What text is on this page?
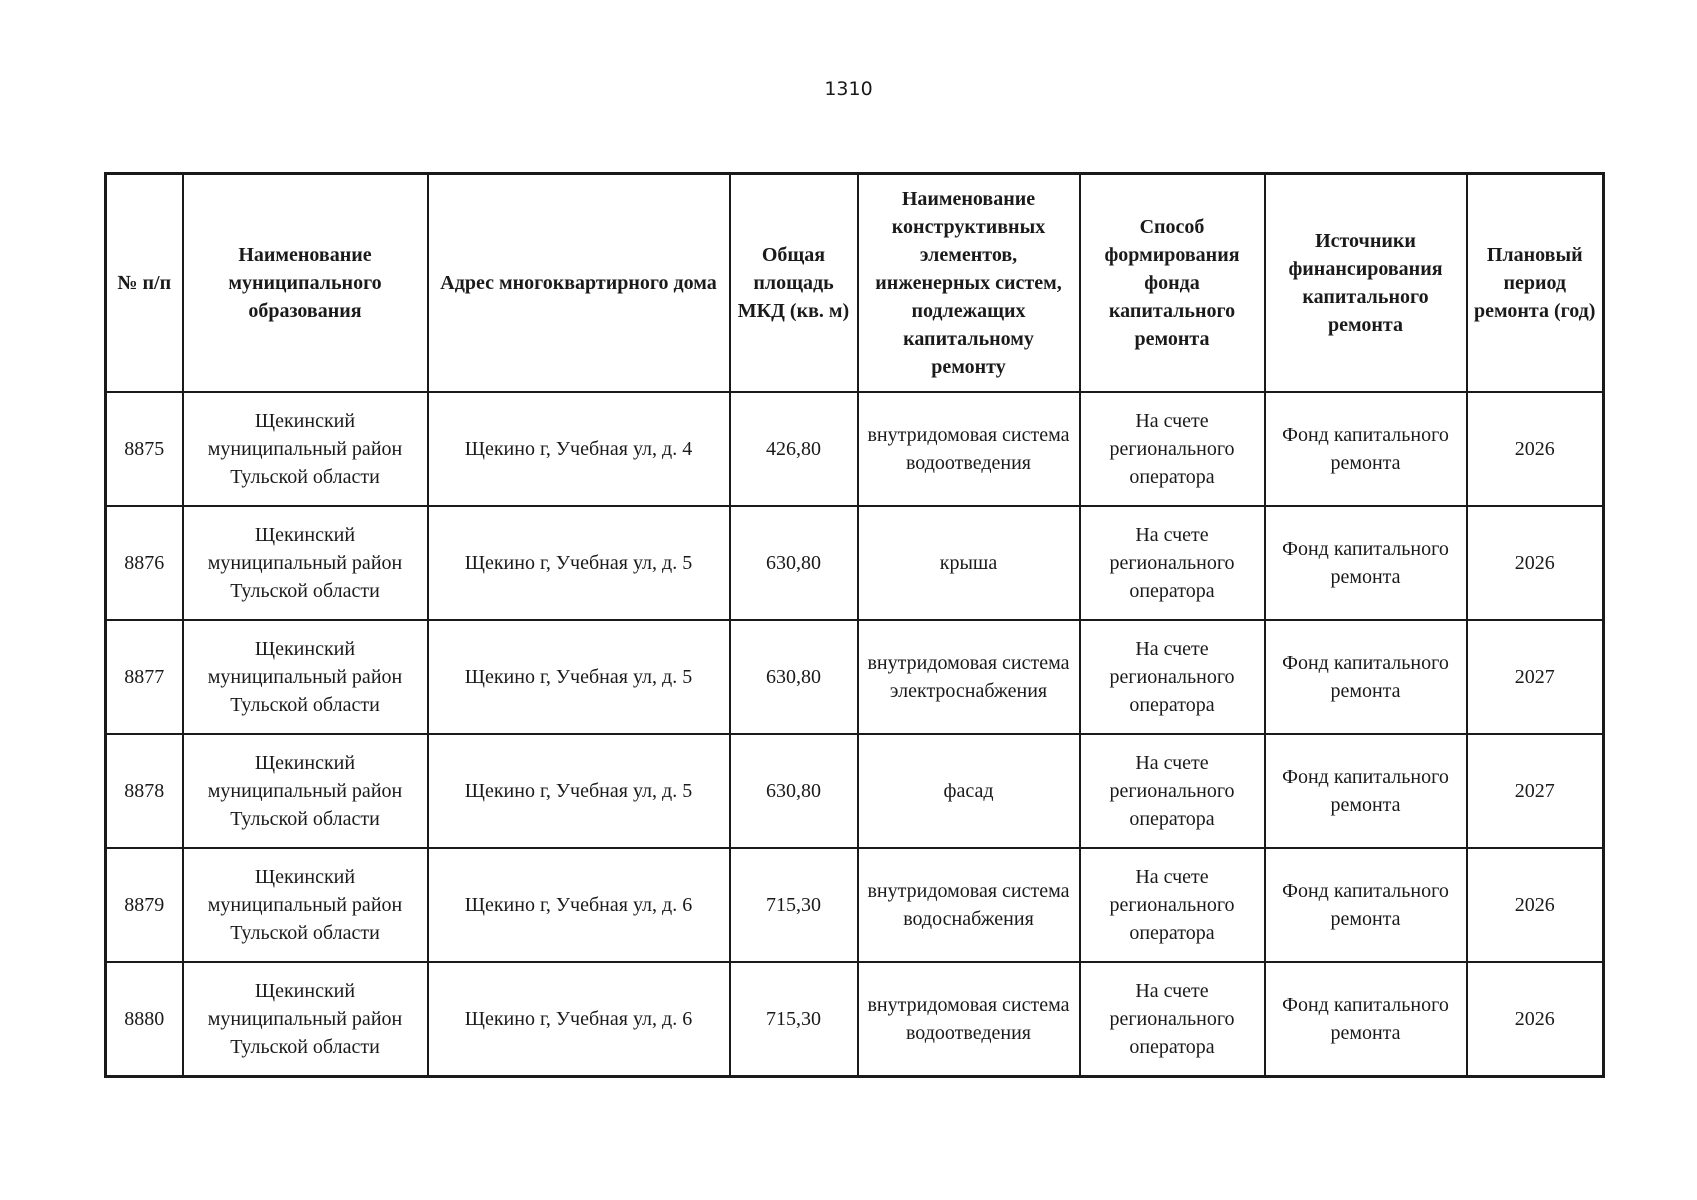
1310
№ п/п	Наименование муниципального образования	Адрес многоквартирного дома	Общая площадь МКД (кв. м)	Наименование конструктивных элементов, инженерных систем, подлежащих капитальному ремонту	Способ формирования фонда капитального ремонта	Источники финансирования капитального ремонта	Плановый период ремонта (год)
8875	Щекинский муниципальный район Тульской области	Щекино г, Учебная ул, д. 4	426,80	внутридомовая система водоотведения	На счете регионального оператора	Фонд капитального ремонта	2026
8876	Щекинский муниципальный район Тульской области	Щекино г, Учебная ул, д. 5	630,80	крыша	На счете регионального оператора	Фонд капитального ремонта	2026
8877	Щекинский муниципальный район Тульской области	Щекино г, Учебная ул, д. 5	630,80	внутридомовая система электроснабжения	На счете регионального оператора	Фонд капитального ремонта	2027
8878	Щекинский муниципальный район Тульской области	Щекино г, Учебная ул, д. 5	630,80	фасад	На счете регионального оператора	Фонд капитального ремонта	2027
8879	Щекинский муниципальный район Тульской области	Щекино г, Учебная ул, д. 6	715,30	внутридомовая система водоснабжения	На счете регионального оператора	Фонд капитального ремонта	2026
8880	Щекинский муниципальный район Тульской области	Щекино г, Учебная ул, д. 6	715,30	внутридомовая система водоотведения	На счете регионального оператора	Фонд капитального ремонта	2026
